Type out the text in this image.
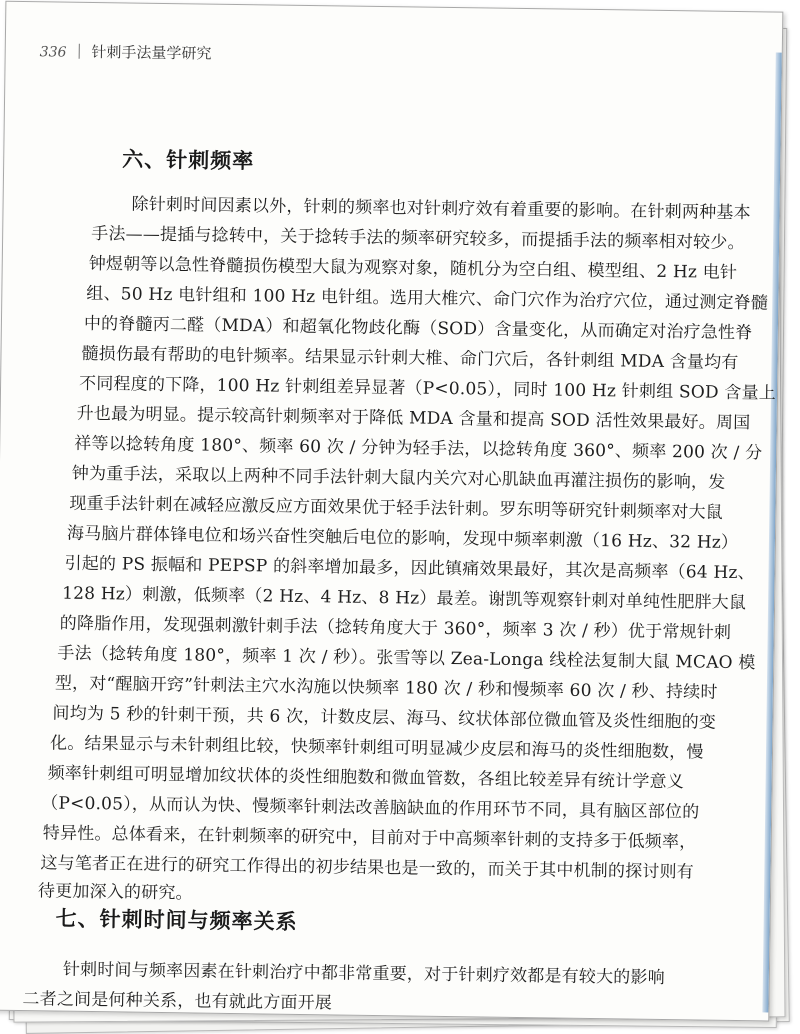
336 针刺手法量学研究
六、针刺频率
除针刺时间因素以外，针刺的频率也对针刺疗效有着重要的影响。在针刺两种基本
手法——提插与捻转中，关于捻转手法的频率研究较多，而提插手法的频率相对较少。
钟煜朝等以急性脊髓损伤模型大鼠为观察对象，随机分为空白组、模型组、2 Hz 电针
组、50 Hz 电针组和 100 Hz 电针组。选用大椎穴、命门穴作为治疗穴位，通过测定脊髓
中的脊髓丙二醛（MDA）和超氧化物歧化酶（SOD）含量变化，从而确定对治疗急性脊
髓损伤最有帮助的电针频率。结果显示针刺大椎、命门穴后，各针刺组 MDA 含量均有
不同程度的下降，100 Hz 针刺组差异显著（P<0.05），同时 100 Hz 针刺组 SOD 含量上
升也最为明显。提示较高针刺频率对于降低 MDA 含量和提高 SOD 活性效果最好。周国
祥等以捻转角度 180°、频率 60 次 / 分钟为轻手法，以捻转角度 360°、频率 200 次 / 分
钟为重手法，采取以上两种不同手法针刺大鼠内关穴对心肌缺血再灌注损伤的影响，发
现重手法针刺在减轻应激反应方面效果优于轻手法针刺。罗东明等研究针刺频率对大鼠
海马脑片群体锋电位和场兴奋性突触后电位的影响，发现中频率刺激（16 Hz、32 Hz）
引起的 PS 振幅和 PEPSP 的斜率增加最多，因此镇痛效果最好，其次是高频率（64 Hz、
128 Hz）刺激，低频率（2 Hz、4 Hz、8 Hz）最差。谢凯等观察针刺对单纯性肥胖大鼠
的降脂作用，发现强刺激针刺手法（捻转角度大于 360°，频率 3 次 / 秒）优于常规针刺
手法（捻转角度 180°，频率 1 次 / 秒）。张雪等以 Zea-Longa 线栓法复制大鼠 MCAO 模
型，对“醒脑开窍”针刺法主穴水沟施以快频率 180 次 / 秒和慢频率 60 次 / 秒、持续时
间均为 5 秒的针刺干预，共 6 次，计数皮层、海马、纹状体部位微血管及炎性细胞的变
化。结果显示与未针刺组比较，快频率针刺组可明显减少皮层和海马的炎性细胞数，慢
频率针刺组可明显增加纹状体的炎性细胞数和微血管数，各组比较差异有统计学意义
（P<0.05），从而认为快、慢频率针刺法改善脑缺血的作用环节不同，具有脑区部位的
特异性。总体看来，在针刺频率的研究中，目前对于中高频率针刺的支持多于低频率，
这与笔者正在进行的研究工作得出的初步结果也是一致的，而关于其中机制的探讨则有
待更加深入的研究。
七、针刺时间与频率关系
针刺时间与频率因素在针刺治疗中都非常重要，对于针刺疗效都是有较大的影响
二者之间是何种关系，也有就此方面开展
